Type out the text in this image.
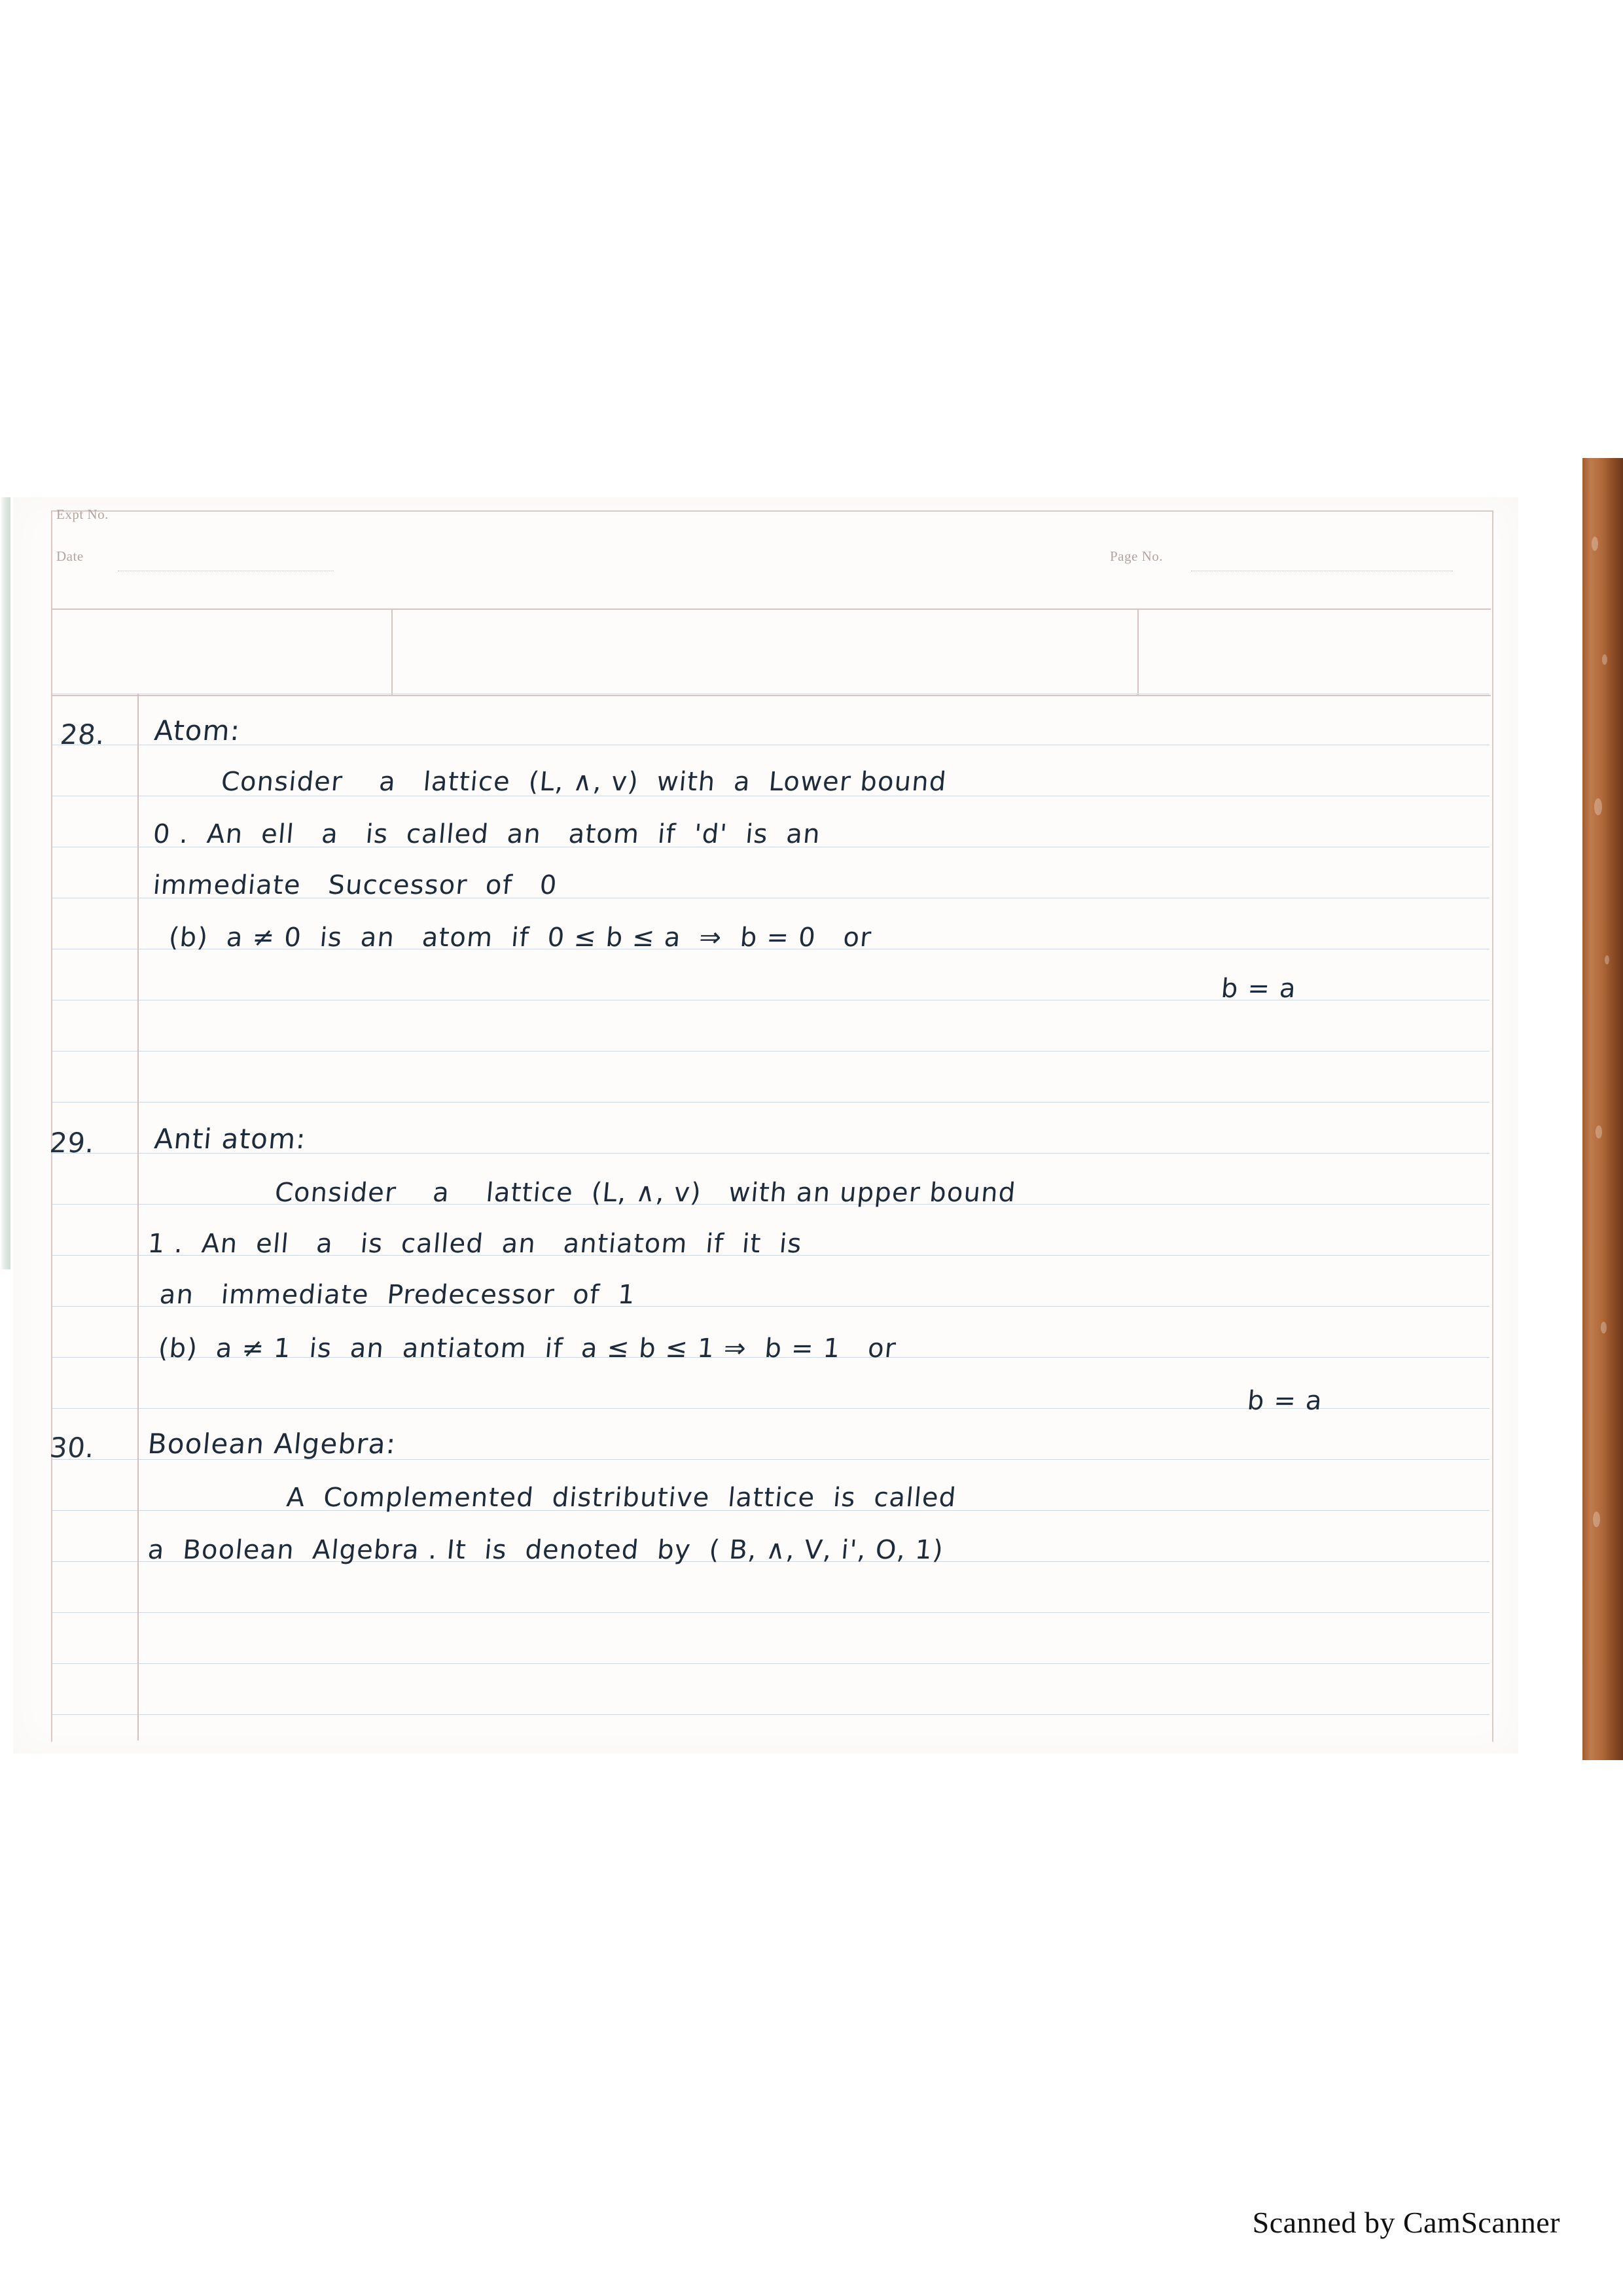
Expt No.
Date	Page No.
28. Atom:
Consider    a   lattice  (L, ∧, v)  with  a  Lower bound
0 .  An  ell   a   is  called  an   atom  if  'd'  is  an
immediate   Successor  of   0
(b)  a ≠ 0  is  an   atom  if  0 ≤ b ≤ a  ⇒  b = 0   or
b = a
29. Anti atom:
Consider    a    lattice  (L, ∧, v)   with an upper bound
1 .  An  ell   a   is  called  an   antiatom  if  it  is
an   immediate  Predecessor  of  1
(b)  a ≠ 1  is  an  antiatom  if  a ≤ b ≤ 1 ⇒  b = 1   or
b = a
30. Boolean Algebra:
A  Complemented  distributive  lattice  is  called
a  Boolean  Algebra . It  is  denoted  by  ( B, ∧, V, i', O, 1)
Scanned by CamScanner
